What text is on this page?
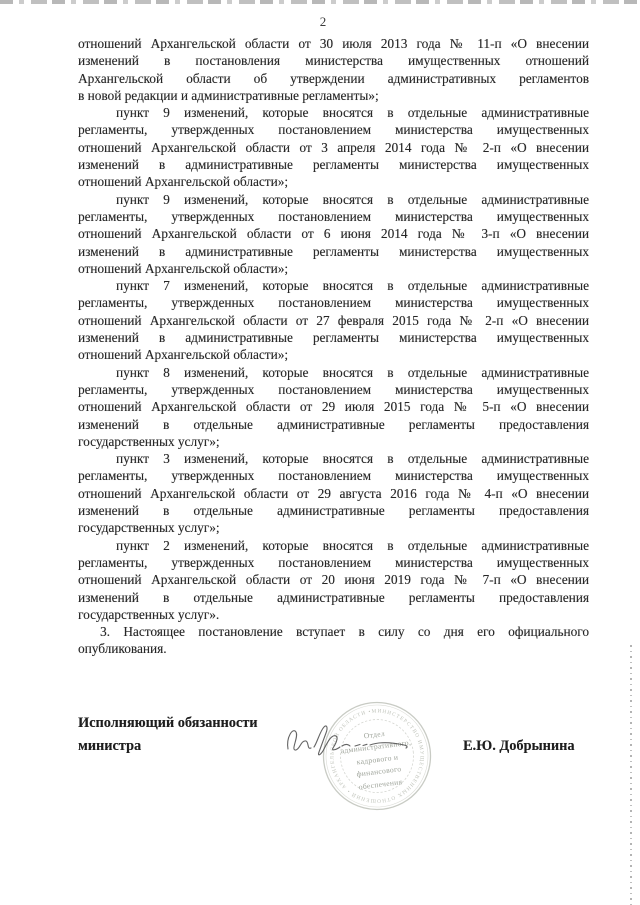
2
отношений Архангельской области от 30 июля 2013 года № 11-п «О внесении
изменений в постановления министерства имущественных отношений
Архангельской области об утверждении административных регламентов
в новой редакции и административные регламенты»;
пункт 9 изменений, которые вносятся в отдельные административные
регламенты, утвержденных постановлением министерства имущественных
отношений Архангельской области от 3 апреля 2014 года № 2-п «О внесении
изменений в административные регламенты министерства имущественных
отношений Архангельской области»;
пункт 9 изменений, которые вносятся в отдельные административные
регламенты, утвержденных постановлением министерства имущественных
отношений Архангельской области от 6 июня 2014 года № 3-п «О внесении
изменений в административные регламенты министерства имущественных
отношений Архангельской области»;
пункт 7 изменений, которые вносятся в отдельные административные
регламенты, утвержденных постановлением министерства имущественных
отношений Архангельской области от 27 февраля 2015 года № 2-п «О внесении
изменений в административные регламенты министерства имущественных
отношений Архангельской области»;
пункт 8 изменений, которые вносятся в отдельные административные
регламенты, утвержденных постановлением министерства имущественных
отношений Архангельской области от 29 июля 2015 года № 5-п «О внесении
изменений в отдельные административные регламенты предоставления
государственных услуг»;
пункт 3 изменений, которые вносятся в отдельные административные
регламенты, утвержденных постановлением министерства имущественных
отношений Архангельской области от 29 августа 2016 года № 4-п «О внесении
изменений в отдельные административные регламенты предоставления
государственных услуг»;
пункт 2 изменений, которые вносятся в отдельные административные
регламенты, утвержденных постановлением министерства имущественных
отношений Архангельской области от 20 июня 2019 года № 7-п «О внесении
изменений в отдельные административные регламенты предоставления
государственных услуг».
3. Настоящее постановление вступает в силу со дня его официального
опубликования.
Исполняющий обязанности
министра	Е.Ю. Добрынина
МИНИСТЕРСТВО ИМУЩЕСТВЕННЫХ ОТНОШЕНИЙ • АРХАНГЕЛЬСКОЙ ОБЛАСТИ •
Отдел
административного,
кадрового и
финансового
обеспечения
